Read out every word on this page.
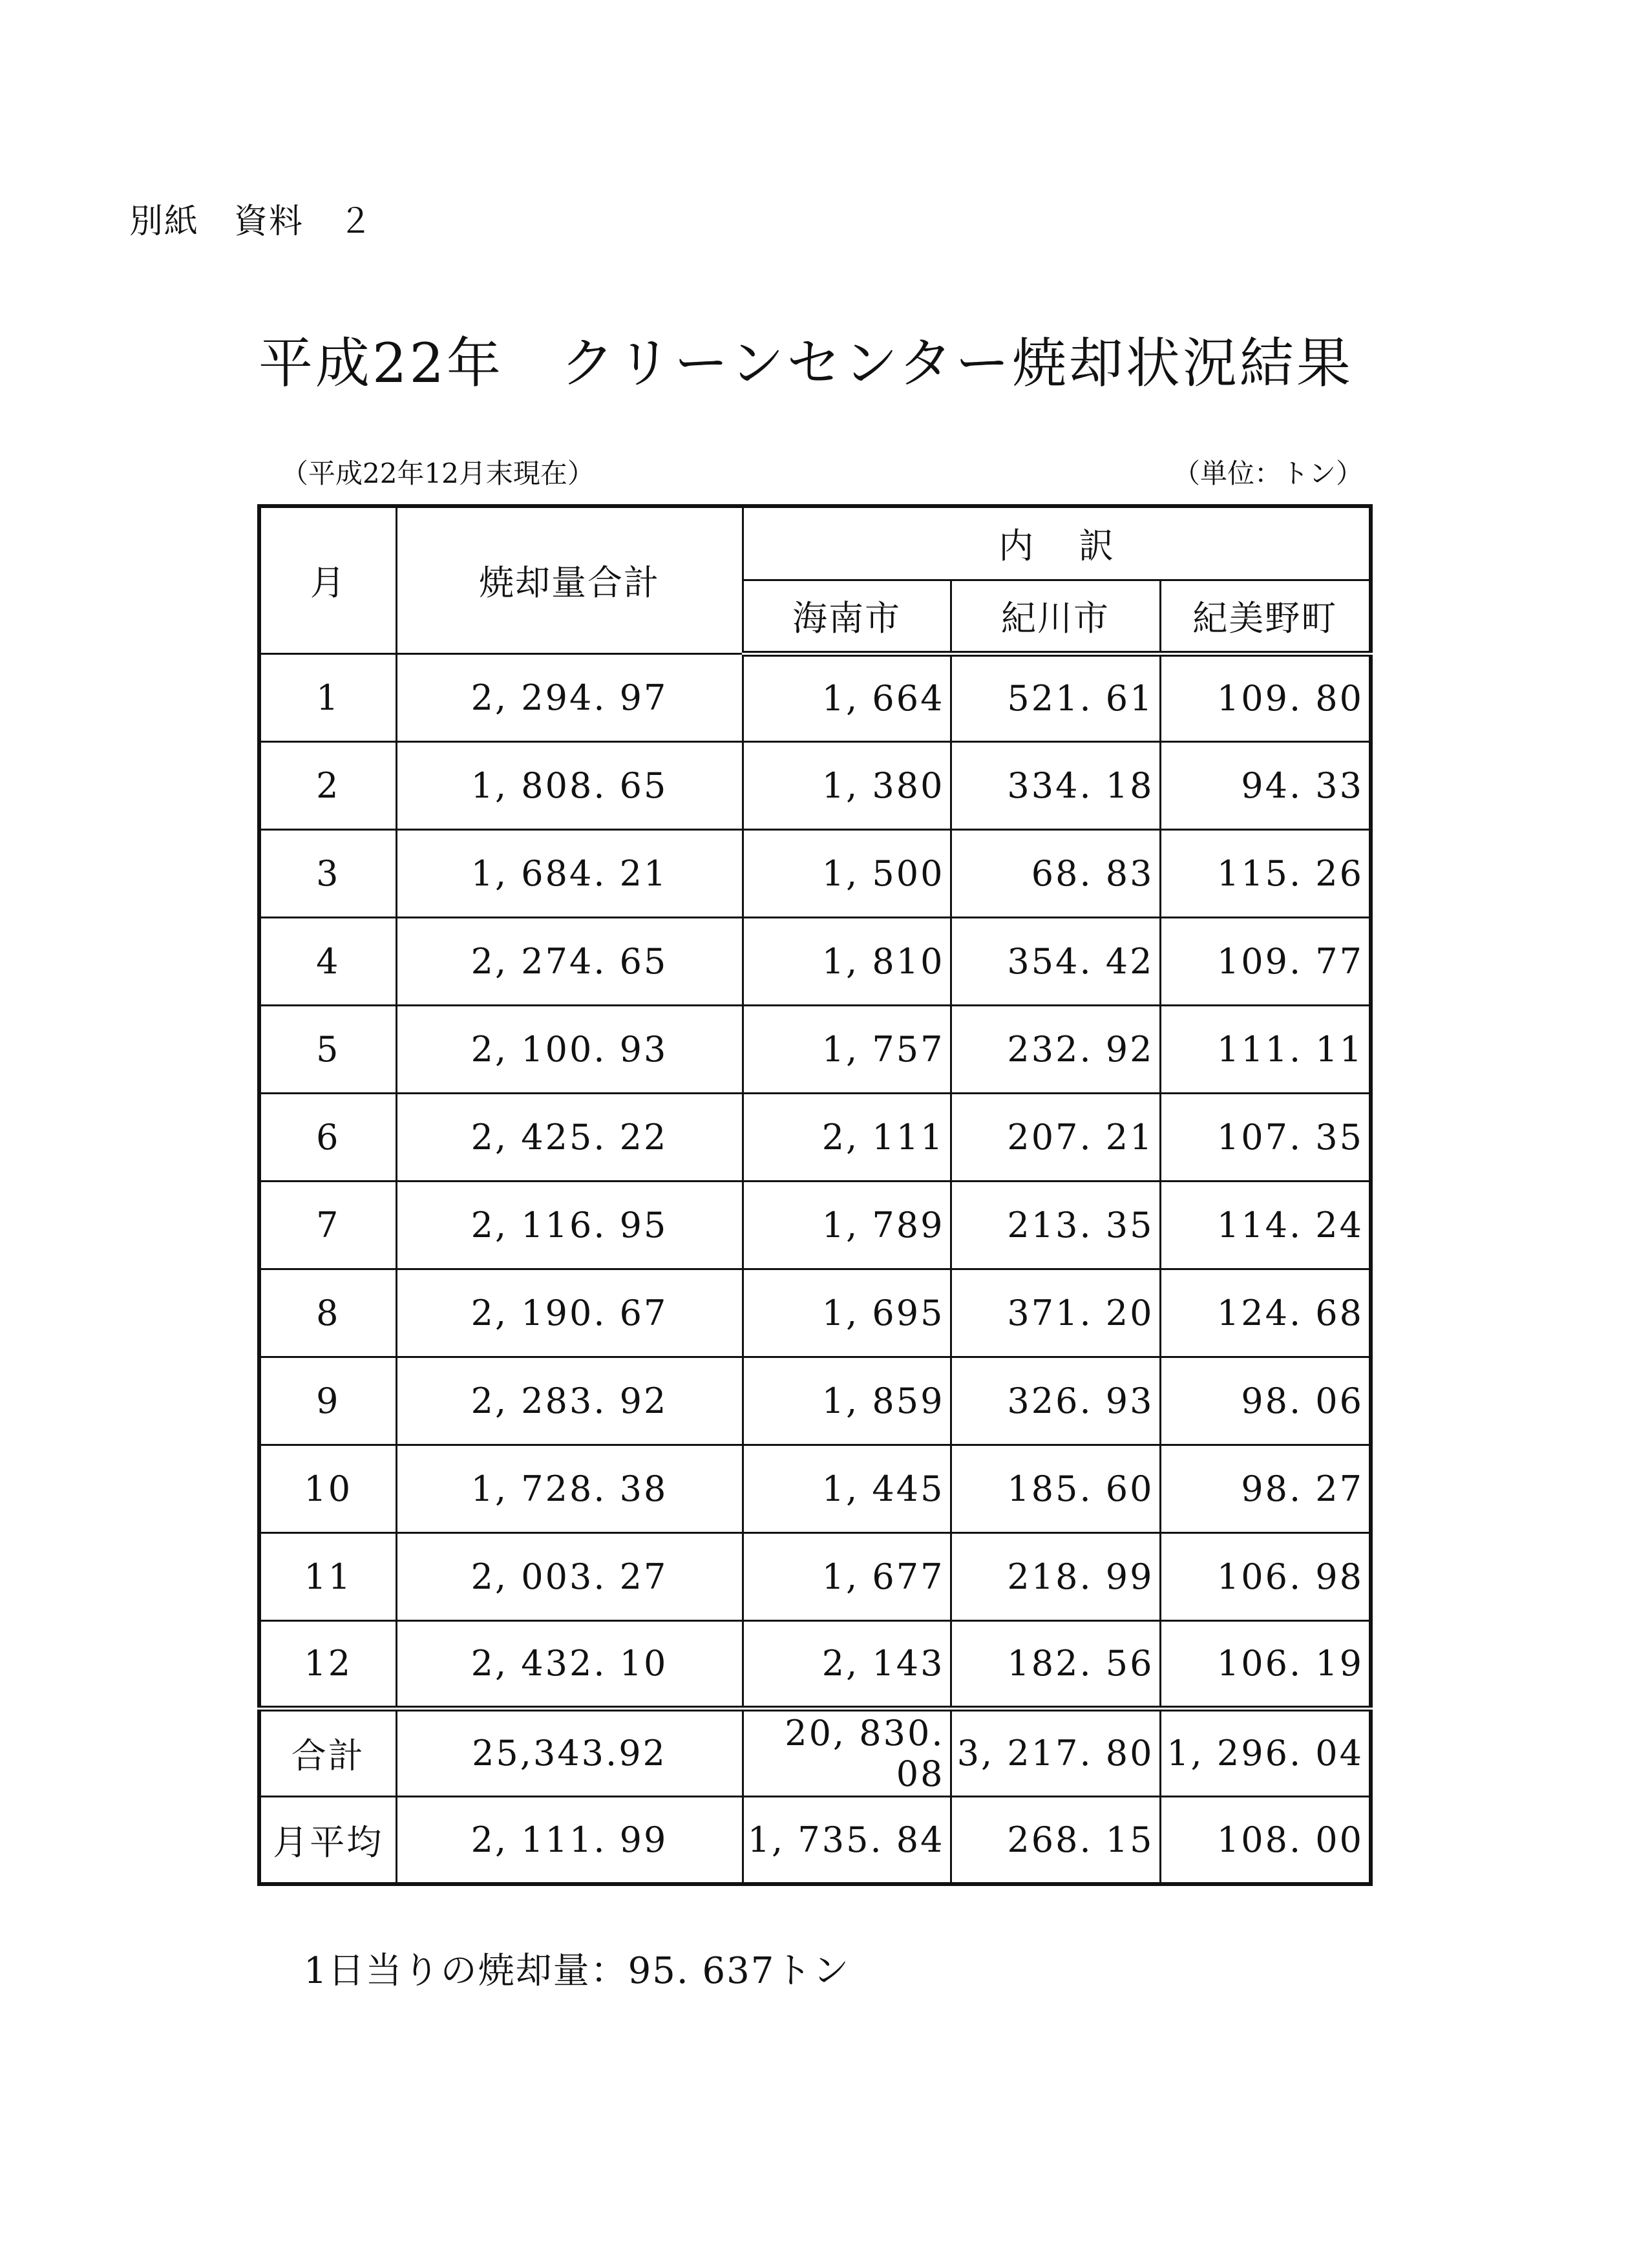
別紙　資料　２
平成22年　クリーンセンター焼却状況結果
（平成22年12月末現在）	（単位：トン）
月	焼却量合計	内訳		
		海南市	紀川市	紀美野町
1	2, 294. 97	1, 664	521. 61	109. 80
2	1, 808. 65	1, 380	334. 18	94. 33
3	1, 684. 21	1, 500	68. 83	115. 26
4	2, 274. 65	1, 810	354. 42	109. 77
5	2, 100. 93	1, 757	232. 92	111. 11
6	2, 425. 22	2, 111	207. 21	107. 35
7	2, 116. 95	1, 789	213. 35	114. 24
8	2, 190. 67	1, 695	371. 20	124. 68
9	2, 283. 92	1, 859	326. 93	98. 06
10	1, 728. 38	1, 445	185. 60	98. 27
11	2, 003. 27	1, 677	218. 99	106. 98
12	2, 432. 10	2, 143	182. 56	106. 19
合計	25,343.92	20, 830. 08	3, 217. 80	1, 296. 04
月平均	2, 111. 99	1, 735. 84	268. 15	108. 00
1日当りの焼却量：95. 637トン
